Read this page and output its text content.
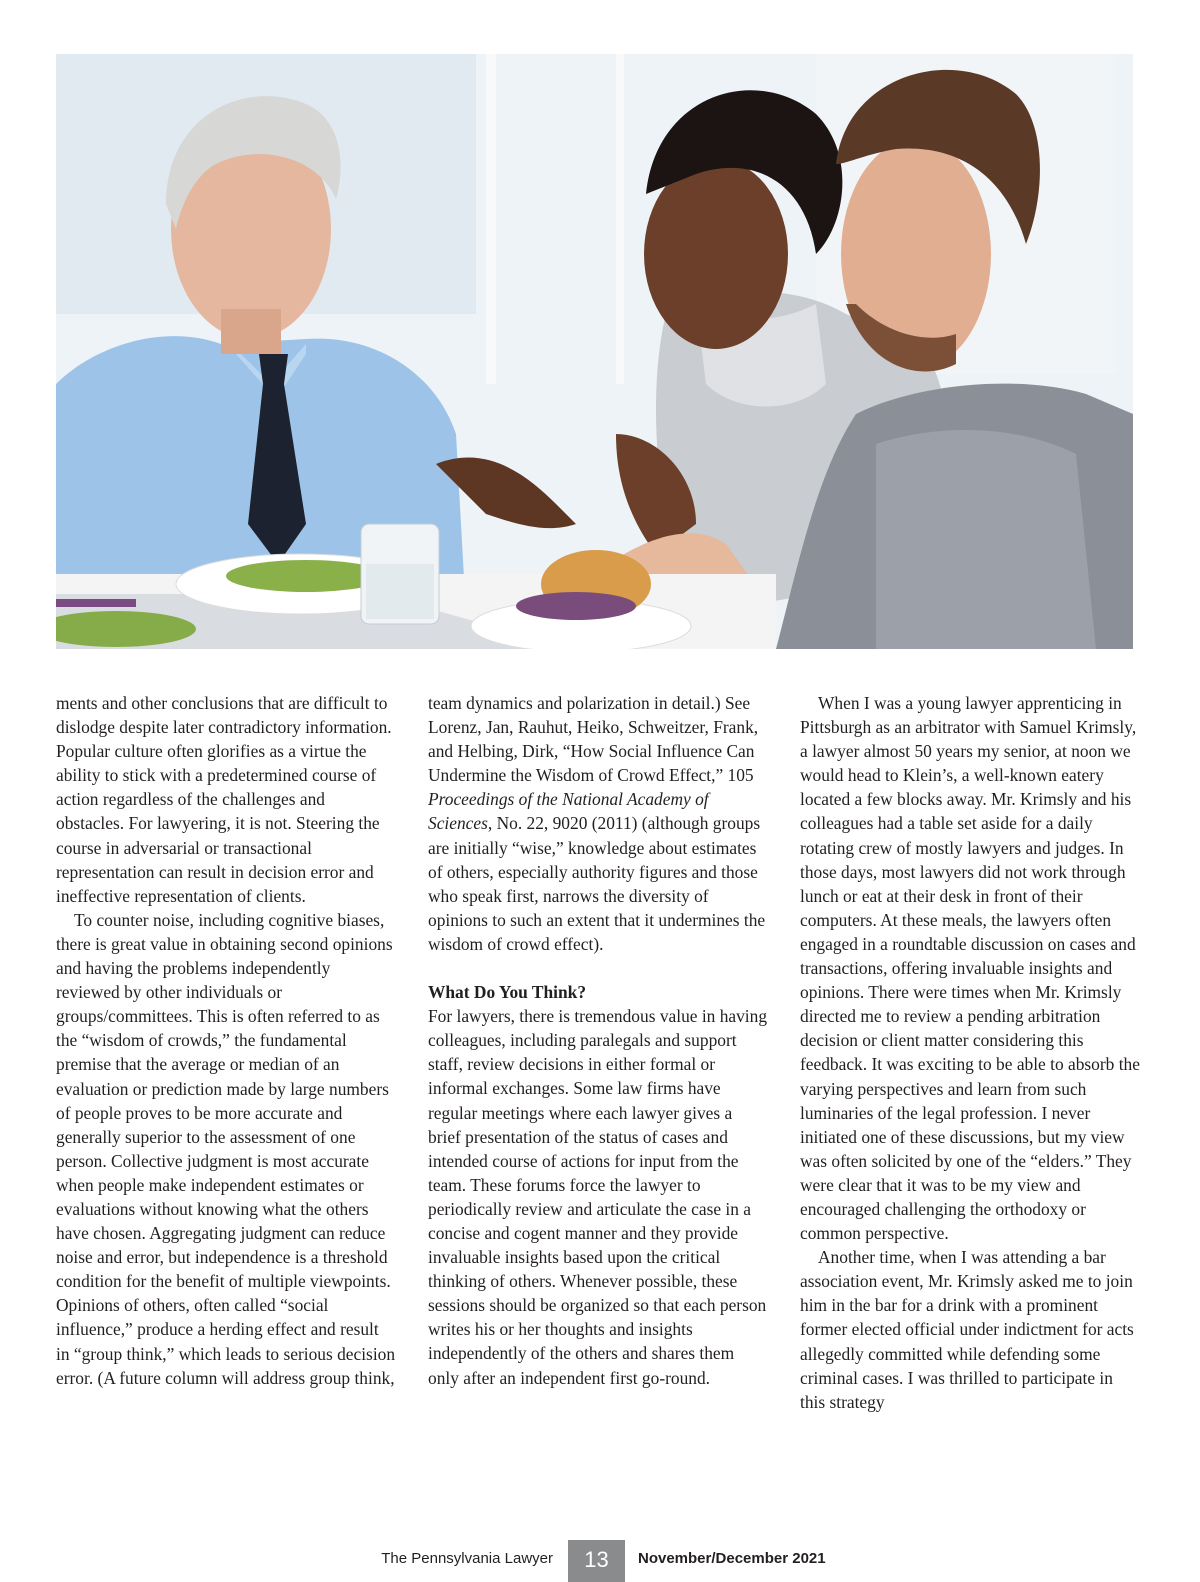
ments and other conclusions that are difficult to dislodge despite later contradictory information. Popular culture often glorifies as a virtue the ability to stick with a predetermined course of action regardless of the challenges and obstacles. For lawyering, it is not. Steering the course in adversarial or transactional representation can result in decision error and ineffective representation of clients.

To counter noise, including cognitive biases, there is great value in obtaining second opinions and having the problems independently reviewed by other individuals or groups/committees. This is often referred to as the “wisdom of crowds,” the fundamental premise that the average or median of an evaluation or prediction made by large numbers of people proves to be more accurate and generally superior to the assessment of one person. Collective judgment is most accurate when people make independent estimates or evaluations without knowing what the others have chosen. Aggregating judgment can reduce noise and error, but independence is a threshold condition for the benefit of multiple viewpoints. Opinions of others, often called “social influence,” produce a herding effect and result in “group think,” which leads to serious decision error. (A future column will address group think,

team dynamics and polarization in detail.) See Lorenz, Jan, Rauhut, Heiko, Schweitzer, Frank, and Helbing, Dirk, “How Social Influence Can Undermine the Wisdom of Crowd Effect,” 105 Proceedings of the National Academy of Sciences, No. 22, 9020 (2011) (although groups are initially “wise,” knowledge about estimates of others, especially authority figures and those who speak first, narrows the diversity of opinions to such an extent that it undermines the wisdom of crowd effect).

What Do You Think?

For lawyers, there is tremendous value in having colleagues, including paralegals and support staff, review decisions in either formal or informal exchanges. Some law firms have regular meetings where each lawyer gives a brief presentation of the status of cases and intended course of actions for input from the team. These forums force the lawyer to periodically review and articulate the case in a concise and cogent manner and they provide invaluable insights based upon the critical thinking of others. Whenever possible, these sessions should be organized so that each person writes his or her thoughts and insights independently of the others and shares them only after an independent first go-round.

When I was a young lawyer apprenticing in Pittsburgh as an arbitrator with Samuel Krimsly, a lawyer almost 50 years my senior, at noon we would head to Klein’s, a well-known eatery located a few blocks away. Mr. Krimsly and his colleagues had a table set aside for a daily rotating crew of mostly lawyers and judges. In those days, most lawyers did not work through lunch or eat at their desk in front of their computers. At these meals, the lawyers often engaged in a roundtable discussion on cases and transactions, offering invaluable insights and opinions. There were times when Mr. Krimsly directed me to review a pending arbitration decision or client matter considering this feedback. It was exciting to be able to absorb the varying perspectives and learn from such luminaries of the legal profession. I never initiated one of these discussions, but my view was often solicited by one of the “elders.” They were clear that it was to be my view and encouraged challenging the orthodoxy or common perspective.

Another time, when I was attending a bar association event, Mr. Krimsly asked me to join him in the bar for a drink with a prominent former elected official under indictment for acts allegedly committed while defending some criminal cases. I was thrilled to participate in this strategy

The Pennsylvania Lawyer	13	November/December 2021
